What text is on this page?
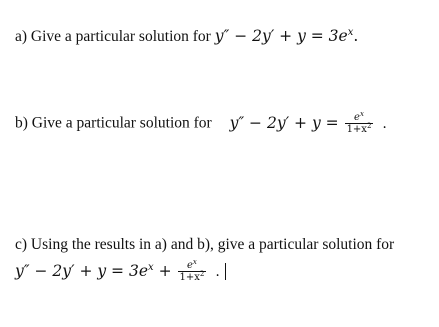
a) Give a particular solution for $y'' - 2y' + y = 3e^x$.
b) Give a particular solution for $y'' - 2y' + y = \frac{e^x}{1+x^2}$ .
c) Using the results in a) and b), give a particular solution for
$y'' - 2y' + y = 3e^x + \frac{e^x}{1+x^2}$ .
